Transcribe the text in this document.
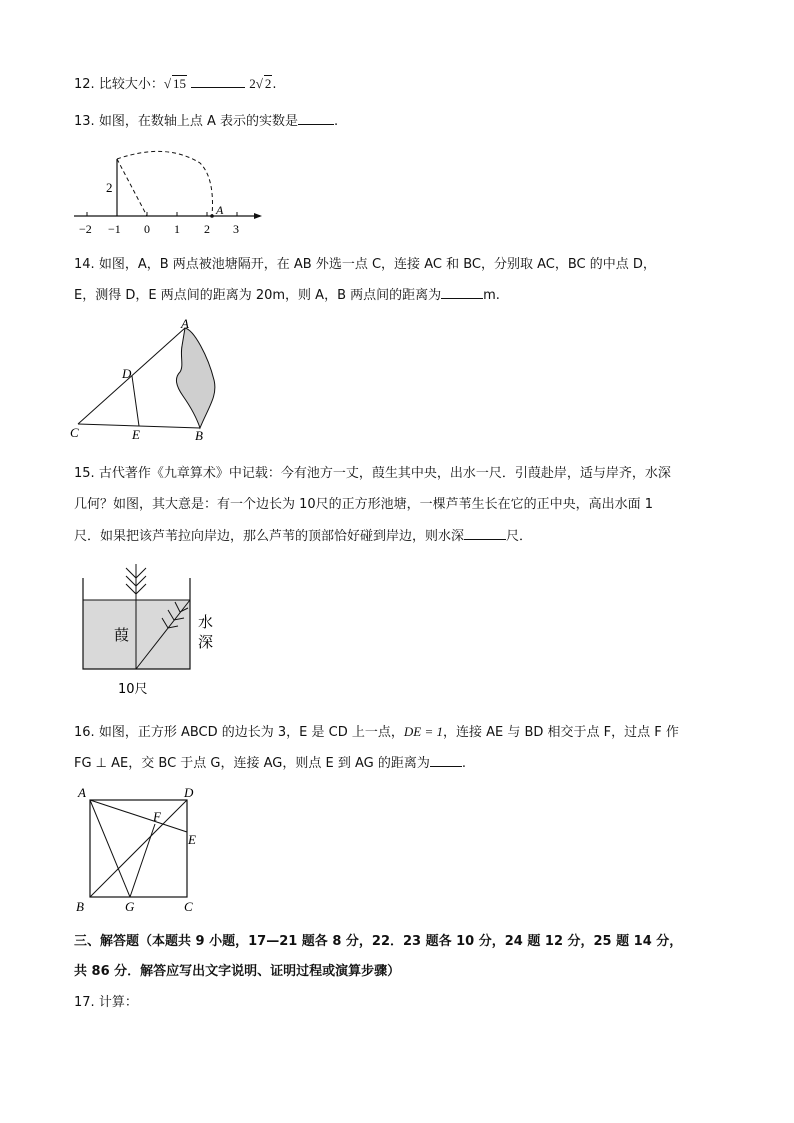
12. 比较大小：√ 15	2√ 2.
13. 如图，在数轴上点 A 表示的实数是	.
2
A
−2 −1 0 1 2 3
14. 如图，A，B 两点被池塘隔开，在 AB 外选一点 C，连接 AC 和 BC，分别取 AC，BC 的中点 D，
E，测得 D，E 两点间的距离为 20m，则 A，B 两点间的距离为	m.
A
D
C	E	B
15. 古代著作《九章算术》中记载：今有池方一丈，葭生其中央，出水一尺．引葭赴岸，适与岸齐，水深
几何？如图，其大意是：有一个边长为 10尺的正方形池塘，一棵芦苇生长在它的正中央，高出水面 1
尺．如果把该芦苇拉向岸边，那么芦苇的顶部恰好碰到岸边，则水深	尺．
葭
水
深
10尺
16. 如图，正方形 ABCD 的边长为 3，E 是 CD 上一点，DE = 1，连接 AE 与 BD 相交于点 F，过点 F 作
FG ⊥ AE，交 BC 于点 G，连接 AG，则点 E 到 AG 的距离为 .
A	D
F
E
B	G	C
三、解答题（本题共 9 小题，17—21 题各 8 分，22．23 题各 10 分，24 题 12 分，25 题 14 分，
共 86 分．解答应写出文字说明、证明过程或演算步骤）
17. 计算：
